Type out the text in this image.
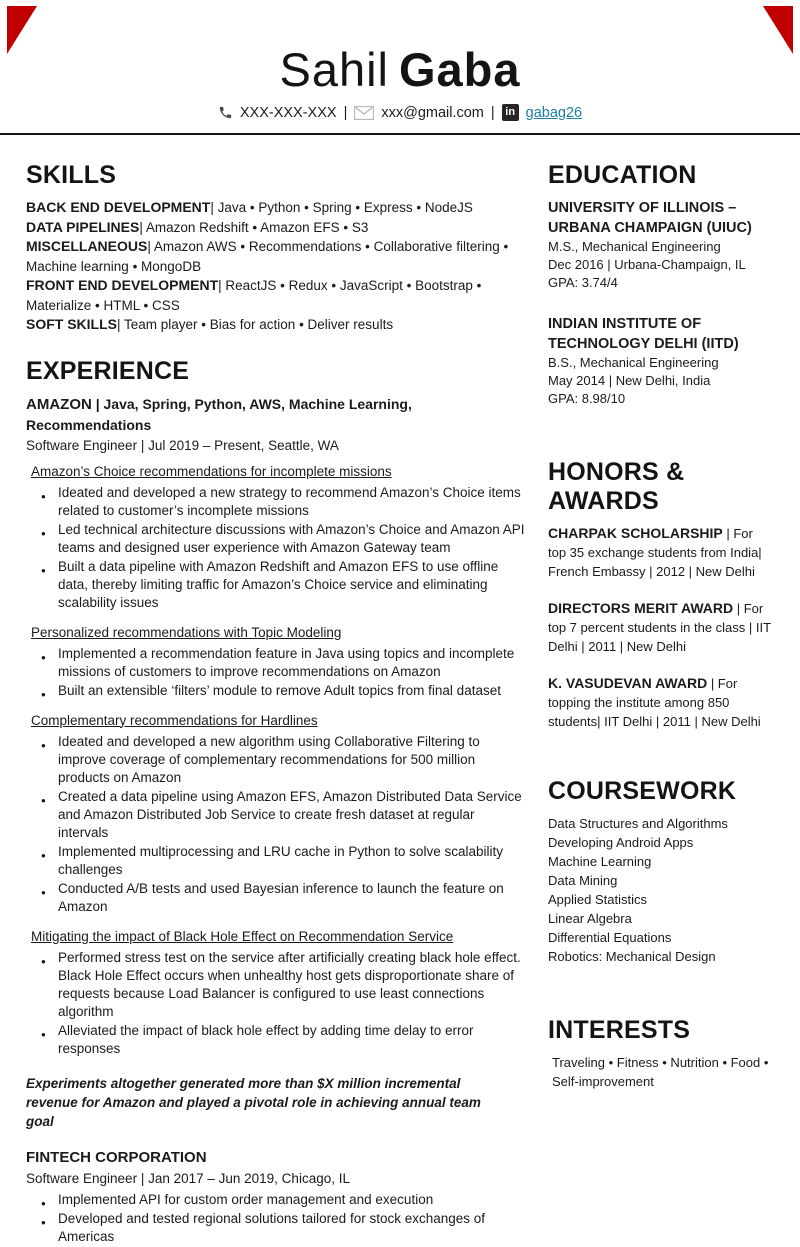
Sahil Gaba
XXX-XXX-XXX | xxx@gmail.com | in gabag26
SKILLS

BACK END DEVELOPMENT| Java • Python • Spring • Express • NodeJS

DATA PIPELINES| Amazon Redshift • Amazon EFS • S3

MISCELLANEOUS| Amazon AWS • Recommendations • Collaborative filtering • Machine learning • MongoDB

FRONT END DEVELOPMENT| ReactJS • Redux • JavaScript • Bootstrap • Materialize • HTML • CSS

SOFT SKILLS| Team player • Bias for action • Deliver results

EXPERIENCE
AMAZON | Java, Spring, Python, AWS, Machine Learning, Recommendations
Software Engineer | Jul 2019 – Present, Seattle, WA
Amazon’s Choice recommendations for incomplete missions
● Ideated and developed a new strategy to recommend Amazon’s Choice items related to customer’s incomplete missions
● Led technical architecture discussions with Amazon’s Choice and Amazon API teams and designed user experience with Amazon Gateway team
● Built a data pipeline with Amazon Redshift and Amazon EFS to use offline data, thereby limiting traffic for Amazon’s Choice service and eliminating scalability issues
Personalized recommendations with Topic Modeling
● Implemented a recommendation feature in Java using topics and incomplete missions of customers to improve recommendations on Amazon
● Built an extensible ‘filters’ module to remove Adult topics from final dataset
Complementary recommendations for Hardlines
● Ideated and developed a new algorithm using Collaborative Filtering to improve coverage of complementary recommendations for 500 million products on Amazon
● Created a data pipeline using Amazon EFS, Amazon Distributed Data Service and Amazon Distributed Job Service to create fresh dataset at regular intervals
● Implemented multiprocessing and LRU cache in Python to solve scalability challenges
● Conducted A/B tests and used Bayesian inference to launch the feature on Amazon
Mitigating the impact of Black Hole Effect on Recommendation Service
● Performed stress test on the service after artificially creating black hole effect. Black Hole Effect occurs when unhealthy host gets disproportionate share of requests because Load Balancer is configured to use least connections algorithm
● Alleviated the impact of black hole effect by adding time delay to error responses
Experiments altogether generated more than $X million incremental revenue for Amazon and played a pivotal role in achieving annual team goal
FINTECH CORPORATION
Software Engineer | Jan 2017 – Jun 2019, Chicago, IL
● Implemented API for custom order management and execution
● Developed and tested regional solutions tailored for stock exchanges of Americas
EDUCATION
UNIVERSITY OF ILLINOIS – URBANA CHAMPAIGN (UIUC)
M.S., Mechanical Engineering
Dec 2016 | Urbana-Champaign, IL
GPA: 3.74/4
INDIAN INSTITUTE OF TECHNOLOGY DELHI (IITD)
B.S., Mechanical Engineering
May 2014 | New Delhi, India
GPA: 8.98/10
HONORS & AWARDS
CHARPAK SCHOLARSHIP | For top 35 exchange students from India| French Embassy | 2012 | New Delhi
DIRECTORS MERIT AWARD | For top 7 percent students in the class | IIT Delhi | 2011 | New Delhi
K. VASUDEVAN AWARD | For topping the institute among 850 students| IIT Delhi | 2011 | New Delhi
COURSEWORK
Data Structures and Algorithms
Developing Android Apps
Machine Learning
Data Mining
Applied Statistics
Linear Algebra
Differential Equations
Robotics: Mechanical Design
INTERESTS
Traveling • Fitness • Nutrition • Food • Self-improvement
